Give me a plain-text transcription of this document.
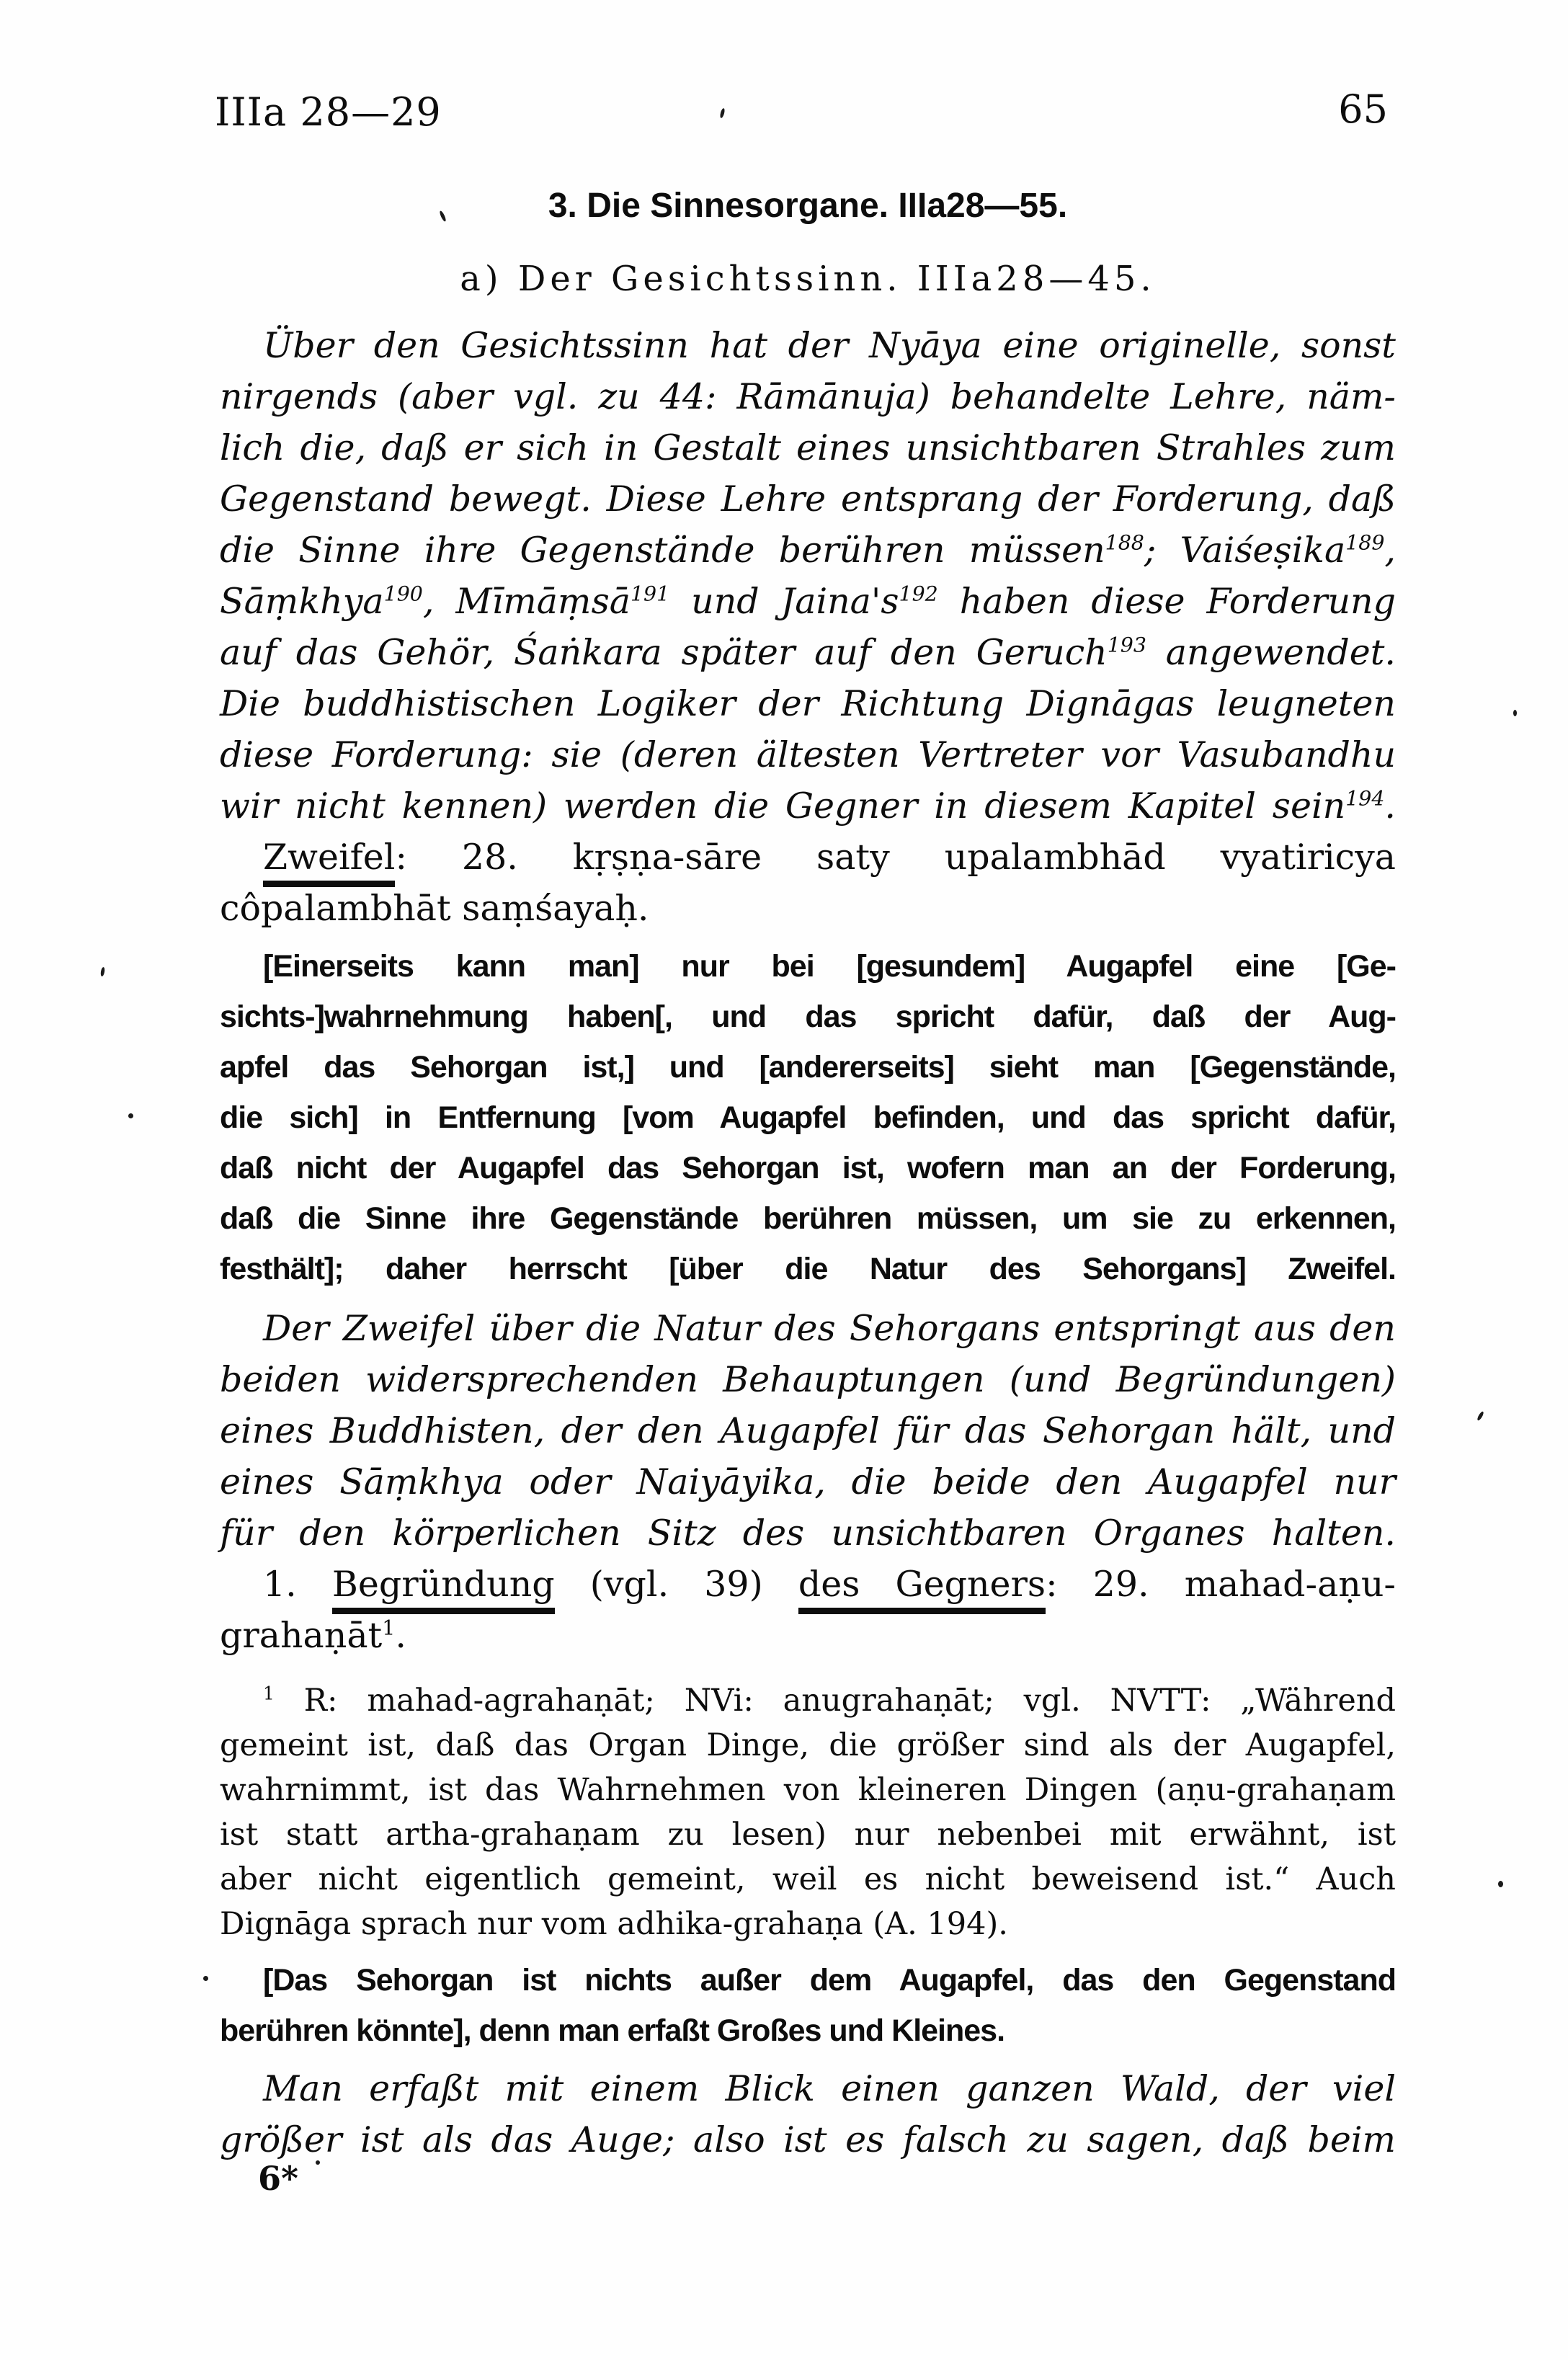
IIIa 28—29	65
3. Die Sinnesorgane. IIIa28—55.
a) Der Gesichtssinn. IIIa28—45.
Über den Gesichtssinn hat der Nyāya eine originelle, sonst
nirgends (aber vgl. zu 44: Rāmānuja) behandelte Lehre, näm-
lich die, daß er sich in Gestalt eines unsichtbaren Strahles zum
Gegenstand bewegt. Diese Lehre entsprang der Forderung, daß
die Sinne ihre Gegenstände berühren müssen$^{188}$; Vaiśeṣika$^{189}$,
Sāṃkhya$^{190}$, Mīmāṃsā$^{191}$ und $Jaina's^{192}$ haben diese Forderung
auf das Gehör, Śaṅkara später auf den Geruch$^{193}$ angewendet.
Die buddhistischen Logiker der Richtung Dignāgas leugneten
diese Forderung: sie (deren ältesten Vertreter vor Vasubandhu
wir nicht kennen) werden die Gegner in diesem Kapitel sein$^{194}$.
Zweifel: 28. kṛṣṇa-sāre saty upalambhād vyatiricya
côpalambhāt saṃśayaḥ.
[Einerseits kann man] nur bei [gesundem] Augapfel eine [Ge-
sichts-]wahrnehmung haben[, und das spricht dafür, daß der Aug-
apfel das Sehorgan ist,] und [andererseits] sieht man [Gegenstände,
die sich] in Entfernung [vom Augapfel befinden, und das spricht dafür,
daß nicht der Augapfel das Sehorgan ist, wofern man an der Forderung,
daß die Sinne ihre Gegenstände berühren müssen, um sie zu erkennen,
festhält]; daher herrscht [über die Natur des Sehorgans] Zweifel.
Der Zweifel über die Natur des Sehorgans entspringt aus den
beiden widersprechenden Behauptungen (und Begründungen)
eines Buddhisten, der den Augapfel für das Sehorgan hält, und
eines Sāṃkhya oder Naiyāyika, die beide den Augapfel nur
für den körperlichen Sitz des unsichtbaren Organes halten.
1. Begründung (vgl. 39) des Gegners: 29. mahad-aṇu-
grahaṇāt$^1$.
$^1$ R: mahad-agrahaṇāt; NVi: anugrahaṇāt; vgl. NVTT: „Während
gemeint ist, daß das Organ Dinge, die größer sind als der Augapfel,
wahrnimmt, ist das Wahrnehmen von kleineren Dingen (aṇu-grahaṇam
ist statt artha-grahaṇam zu lesen) nur nebenbei mit erwähnt, ist
aber nicht eigentlich gemeint, weil es nicht beweisend ist.“ Auch
Dignāga sprach nur vom adhika-grahaṇa (A. 194).
[Das Sehorgan ist nichts außer dem Augapfel, das den Gegenstand
berühren könnte], denn man erfaßt Großes und Kleines.
Man erfaßt mit einem Blick einen ganzen Wald, der viel
größer ist als das Auge; also ist es falsch zu sagen, daß beim
6*
